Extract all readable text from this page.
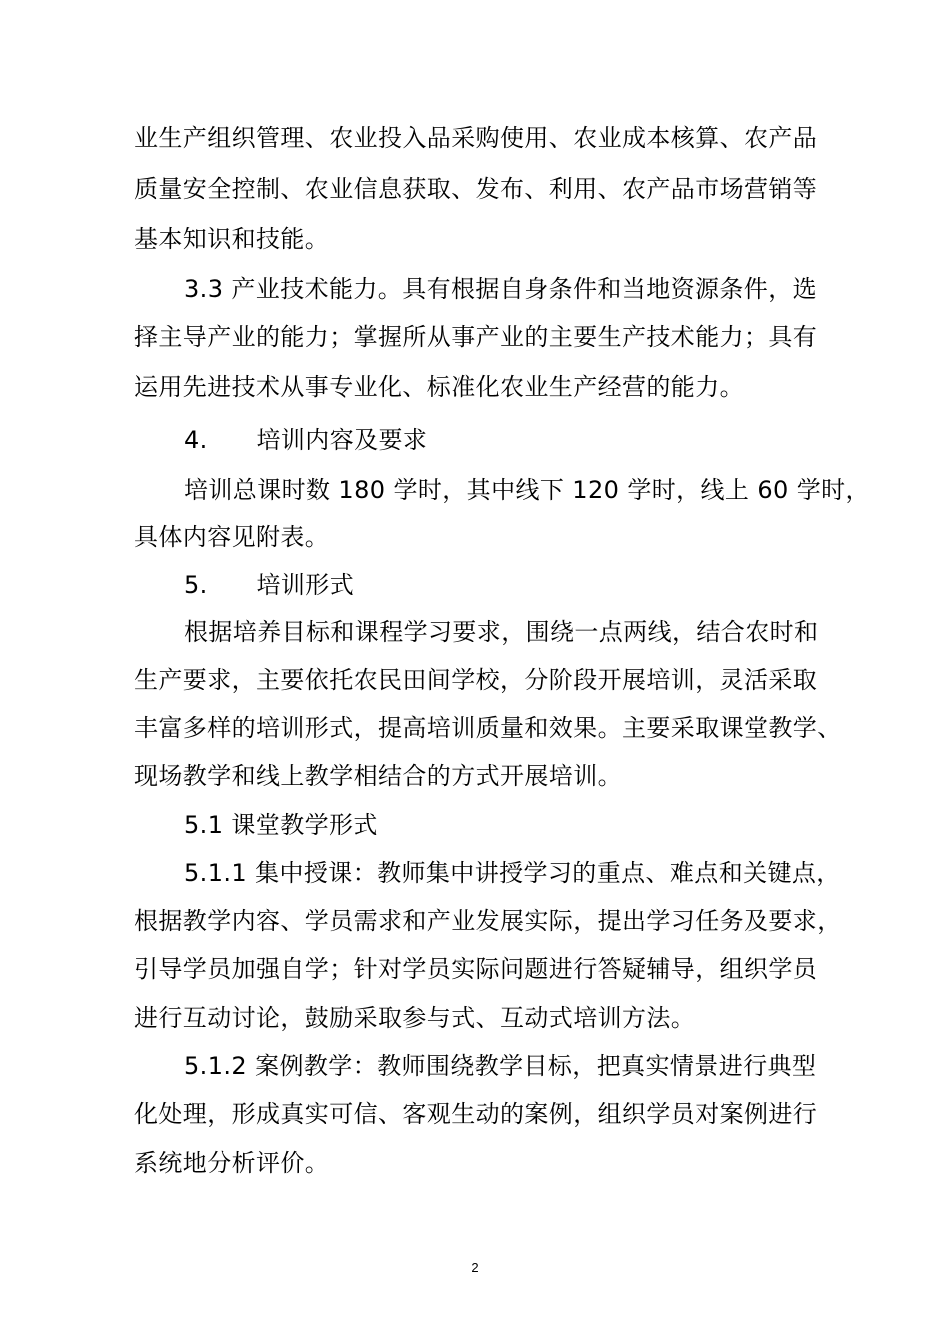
业生产组织管理、农业投入品采购使用、农业成本核算、农产品
质量安全控制、农业信息获取、发布、利用、农产品市场营销等
基本知识和技能。
3.3 产业技术能力。具有根据自身条件和当地资源条件，选
择主导产业的能力；掌握所从事产业的主要生产技术能力；具有
运用先进技术从事专业化、标准化农业生产经营的能力。
4.　　培训内容及要求
培训总课时数 180 学时，其中线下 120 学时，线上 60 学时，
具体内容见附表。
5.　　培训形式
根据培养目标和课程学习要求，围绕一点两线，结合农时和
生产要求，主要依托农民田间学校，分阶段开展培训，灵活采取
丰富多样的培训形式，提高培训质量和效果。主要采取课堂教学、
现场教学和线上教学相结合的方式开展培训。
5.1 课堂教学形式
5.1.1 集中授课：教师集中讲授学习的重点、难点和关键点，
根据教学内容、学员需求和产业发展实际，提出学习任务及要求，
引导学员加强自学；针对学员实际问题进行答疑辅导，组织学员
进行互动讨论，鼓励采取参与式、互动式培训方法。
5.1.2 案例教学：教师围绕教学目标，把真实情景进行典型
化处理，形成真实可信、客观生动的案例，组织学员对案例进行
系统地分析评价。
2
